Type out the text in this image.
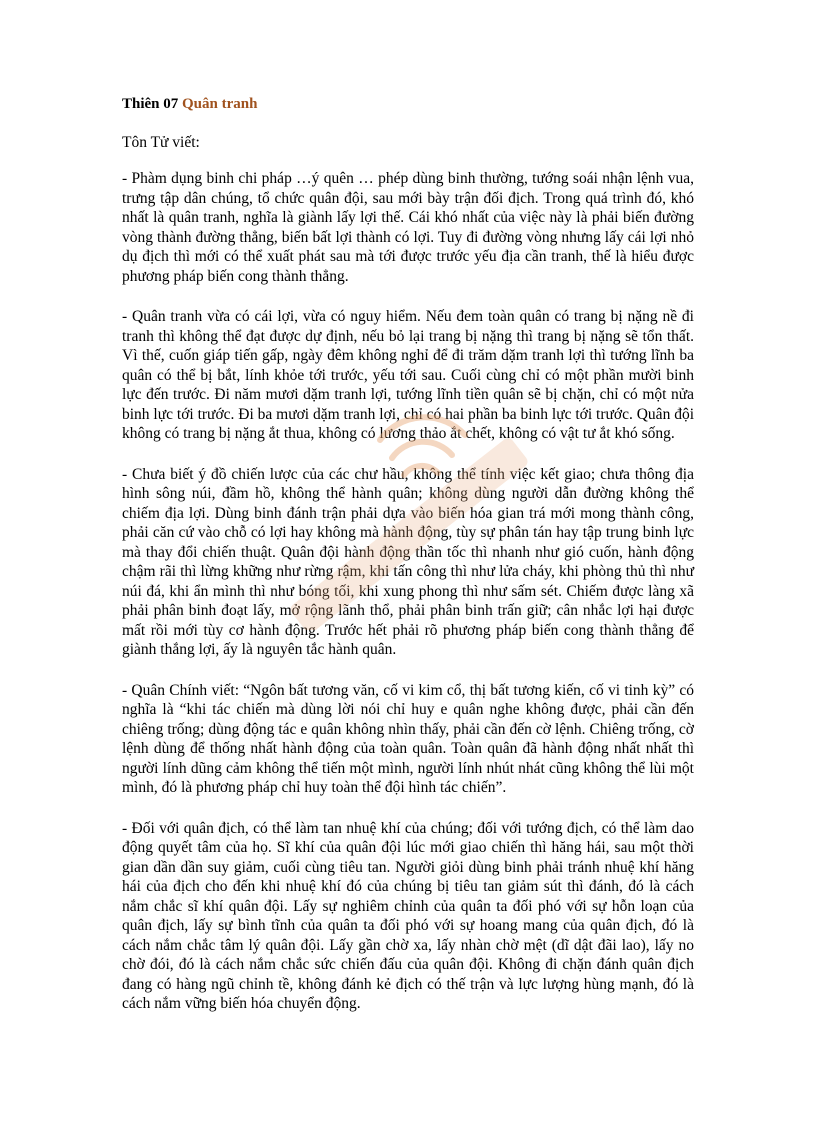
Thiên 07 Quân tranh

Tôn Tử viết:

- Phàm dụng binh chi pháp …ý quên … phép dùng binh thường, tướng soái nhận lệnh vua, trưng tập dân chúng, tổ chức quân đội, sau mới bày trận đối địch. Trong quá trình đó, khó nhất là quân tranh, nghĩa là giành lấy lợi thế. Cái khó nhất của việc này là phải biến đường vòng thành đường thẳng, biến bất lợi thành có lợi. Tuy đi đường vòng nhưng lấy cái lợi nhỏ dụ địch thì mới có thể xuất phát sau mà tới được trước yếu địa cần tranh, thế là hiểu được phương pháp biến cong thành thẳng.

- Quân tranh vừa có cái lợi, vừa có nguy hiểm. Nếu đem toàn quân có trang bị nặng nề đi tranh thì không thể đạt được dự định, nếu bỏ lại trang bị nặng thì trang bị nặng sẽ tổn thất. Vì thế, cuốn giáp tiến gấp, ngày đêm không nghỉ để đi trăm dặm tranh lợi thì tướng lĩnh ba quân có thể bị bắt, lính khỏe tới trước, yếu tới sau. Cuối cùng chỉ có một phần mười binh lực đến trước. Đi năm mươi dặm tranh lợi, tướng lĩnh tiền quân sẽ bị chặn, chỉ có một nửa binh lực tới trước. Đi ba mươi dặm tranh lợi, chỉ có hai phần ba binh lực tới trước. Quân đội không có trang bị nặng ắt thua, không có lương thảo ắt chết, không có vật tư ắt khó sống.

- Chưa biết ý đồ chiến lược của các chư hầu, không thể tính việc kết giao; chưa thông địa hình sông núi, đầm hồ, không thể hành quân; không dùng người dẫn đường không thể chiếm địa lợi. Dùng binh đánh trận phải dựa vào biến hóa gian trá mới mong thành công, phải căn cứ vào chỗ có lợi hay không mà hành động, tùy sự phân tán hay tập trung binh lực mà thay đổi chiến thuật. Quân đội hành động thần tốc thì nhanh như gió cuốn, hành động chậm rãi thì lừng khững như rừng rậm, khi tấn công thì như lửa cháy, khi phòng thủ thì như núi đá, khi ẩn mình thì như bóng tối, khi xung phong thì như sấm sét. Chiếm được làng xã phải phân binh đoạt lấy, mở rộng lãnh thổ, phải phân binh trấn giữ; cân nhắc lợi hại được mất rồi mới tùy cơ hành động. Trước hết phải rõ phương pháp biến cong thành thẳng để giành thắng lợi, ấy là nguyên tắc hành quân.

- Quân Chính viết: “Ngôn bất tương văn, cố vi kim cổ, thị bất tương kiến, cố vi tinh kỳ” có nghĩa là “khi tác chiến mà dùng lời nói chỉ huy e quân nghe không được, phải cần đến chiêng trống; dùng động tác e quân không nhìn thấy, phải cần đến cờ lệnh. Chiêng trống, cờ lệnh dùng để thống nhất hành động của toàn quân. Toàn quân đã hành động nhất nhất thì người lính dũng cảm không thể tiến một mình, người lính nhút nhát cũng không thể lùi một mình, đó là phương pháp chỉ huy toàn thể đội hình tác chiến”.

- Đối với quân địch, có thể làm tan nhuệ khí của chúng; đối với tướng địch, có thể làm dao động quyết tâm của họ. Sĩ khí của quân đội lúc mới giao chiến thì hăng hái, sau một thời gian dần dần suy giảm, cuối cùng tiêu tan. Người giỏi dùng binh phải tránh nhuệ khí hăng hái của địch cho đến khi nhuệ khí đó của chúng bị tiêu tan giảm sút thì đánh, đó là cách nắm chắc sĩ khí quân đội. Lấy sự nghiêm chỉnh của quân ta đối phó với sự hỗn loạn của quân địch, lấy sự bình tĩnh của quân ta đối phó với sự hoang mang của quân địch, đó là cách nắm chắc tâm lý quân đội. Lấy gần chờ xa, lấy nhàn chờ mệt (dĩ dật đãi lao), lấy no chờ đói, đó là cách nắm chắc sức chiến đấu của quân đội. Không đi chặn đánh quân địch đang có hàng ngũ chỉnh tề, không đánh kẻ địch có thế trận và lực lượng hùng mạnh, đó là cách nắm vững biến hóa chuyển động.
